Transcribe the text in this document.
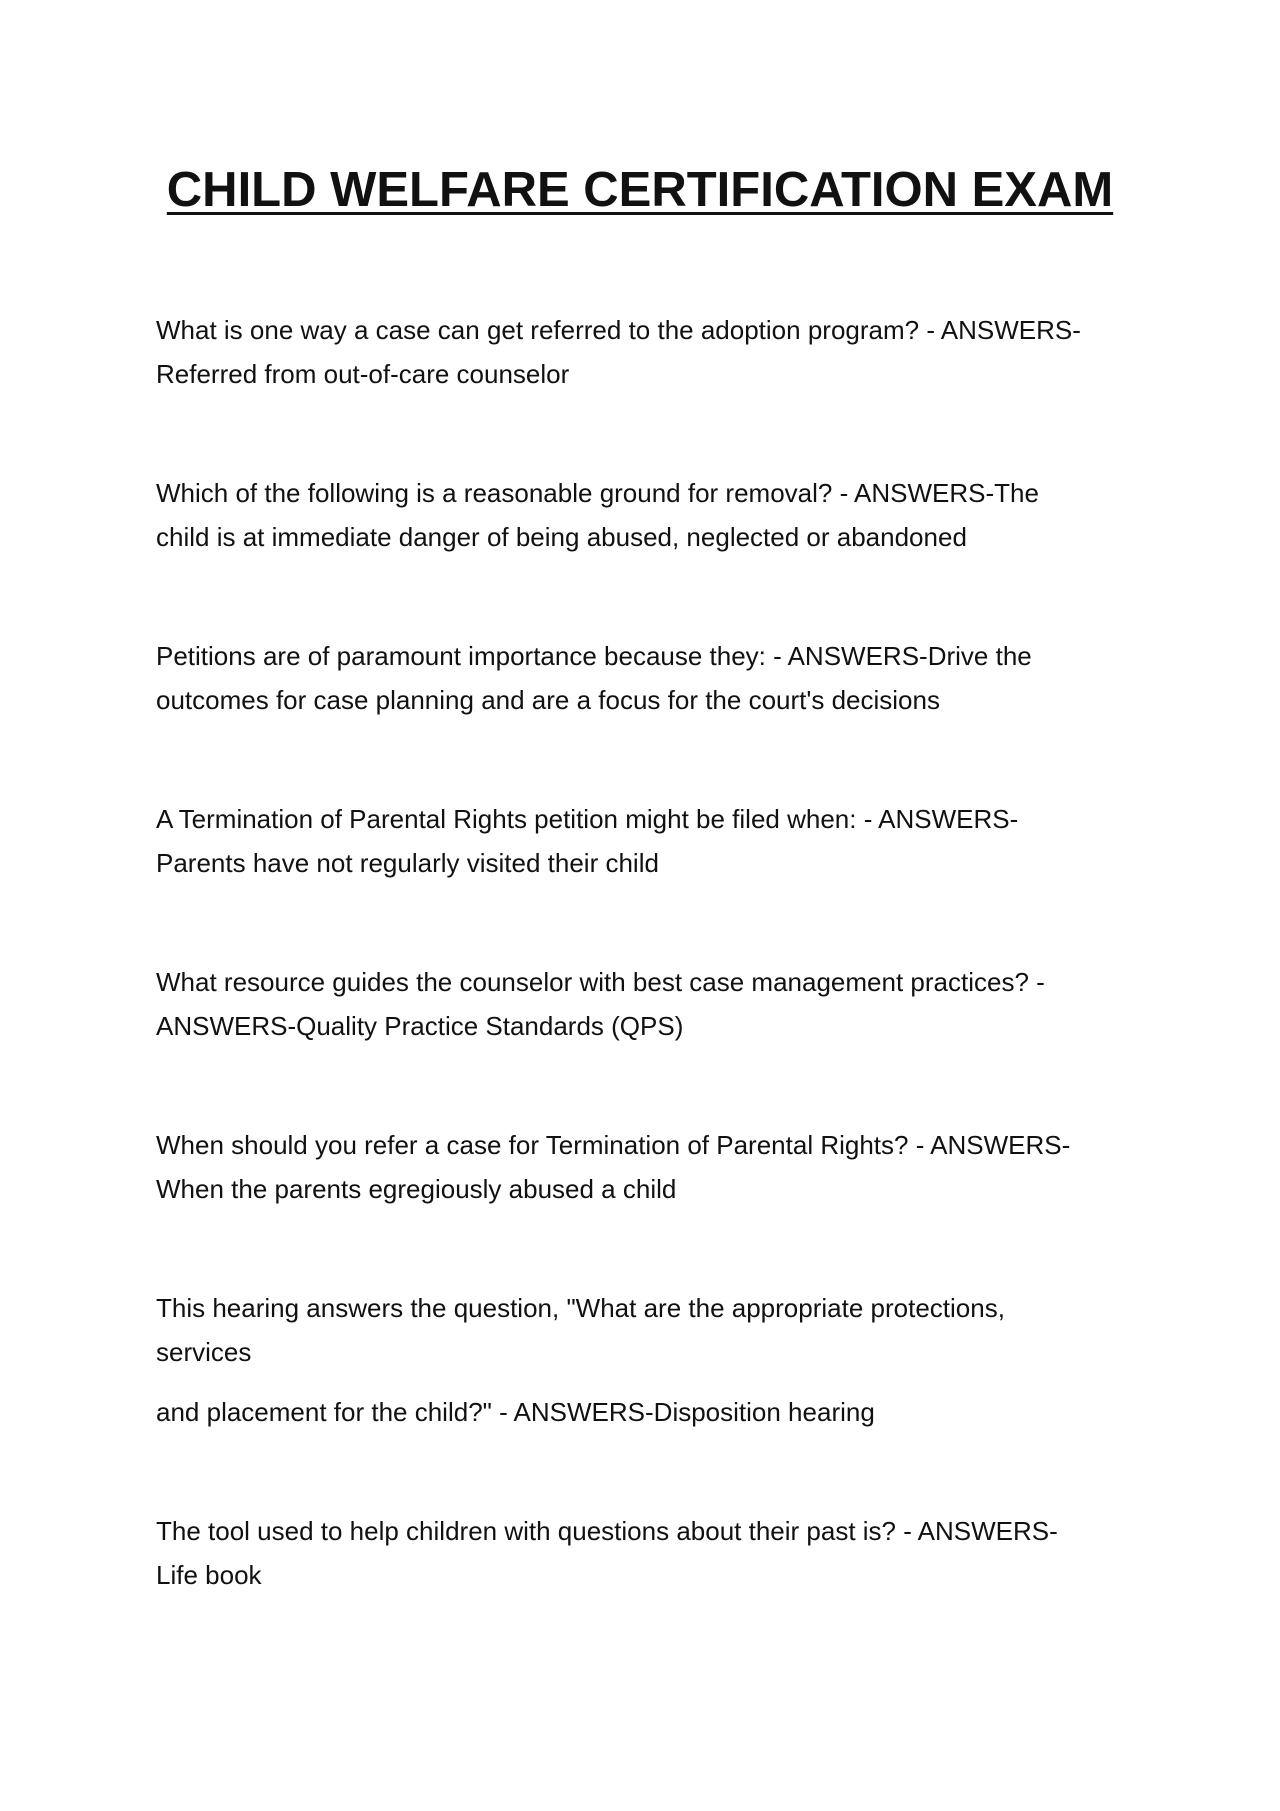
CHILD WELFARE CERTIFICATION EXAM

What is one way a case can get referred to the adoption program? - ANSWERS-

Referred from out-of-care counselor

Which of the following is a reasonable ground for removal? - ANSWERS-The

child is at immediate danger of being abused, neglected or abandoned

Petitions are of paramount importance because they: - ANSWERS-Drive the

outcomes for case planning and are a focus for the court's decisions

A Termination of Parental Rights petition might be filed when: - ANSWERS-

Parents have not regularly visited their child

What resource guides the counselor with best case management practices? -

ANSWERS-Quality Practice Standards (QPS)

When should you refer a case for Termination of Parental Rights? - ANSWERS-

When the parents egregiously abused a child

This hearing answers the question, "What are the appropriate protections,

services

and placement for the child?" - ANSWERS-Disposition hearing

The tool used to help children with questions about their past is? - ANSWERS-

Life book
